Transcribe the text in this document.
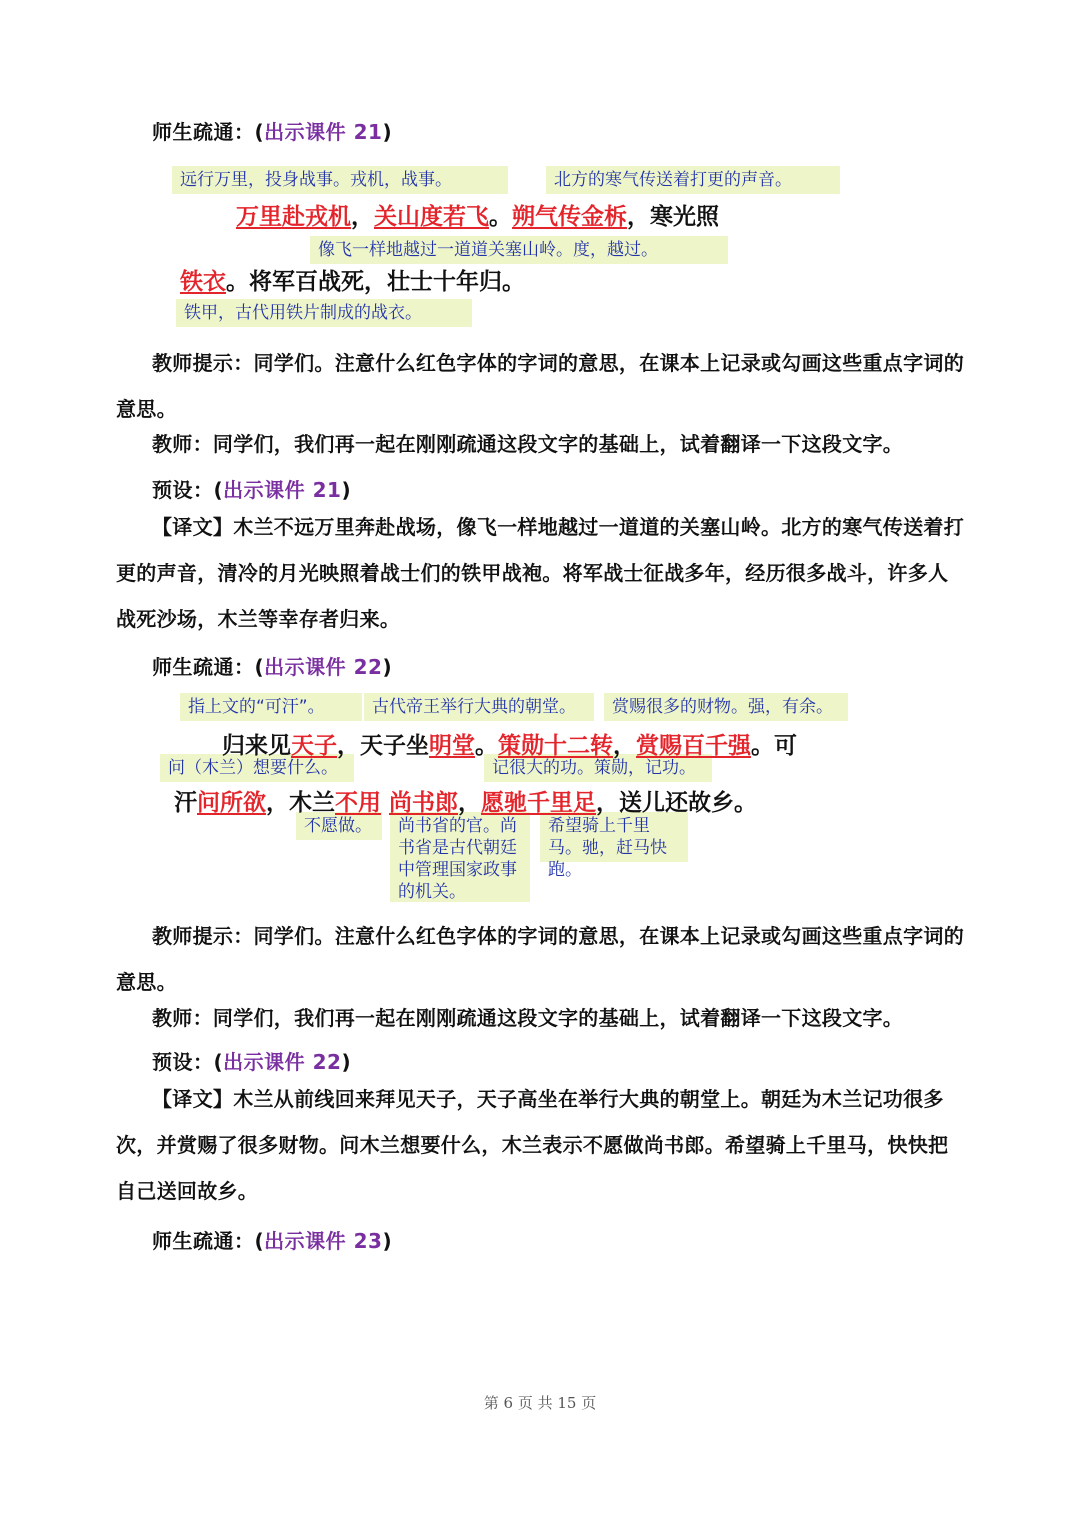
师生疏通：(出示课件 21)
远行万里，投身战事。戎机，战事。	北方的寒气传送着打更的声音。
像飞一样地越过一道道关塞山岭。度，越过。
铁甲，古代用铁片制成的战衣。
万里赴戎机，关山度若飞。朔气传金柝，寒光照
铁衣。将军百战死，壮士十年归。
教师提示：同学们。注意什么红色字体的字词的意思，在课本上记录或勾画这些重点字词的意思。
教师：同学们，我们再一起在刚刚疏通这段文字的基础上，试着翻译一下这段文字。
预设：(出示课件 21)
【译文】木兰不远万里奔赴战场，像飞一样地越过一道道的关塞山岭。北方的寒气传送着打更的声音，清冷的月光映照着战士们的铁甲战袍。将军战士征战多年，经历很多战斗，许多人战死沙场，木兰等幸存者归来。
师生疏通：(出示课件 22)
指上文的“可汗”。	古代帝王举行大典的朝堂。	赏赐很多的财物。强，有余。
问（木兰）想要什么。	记很大的功。策勋，记功。
不愿做。	尚书省的官。尚书省是古代朝廷中管理国家政事的机关。
希望骑上千里马。驰，赶马快跑。
归来见天子，天子坐明堂。策勋十二转，赏赐百千强。可
汗问所欲，木兰不用 尚书郎，愿驰千里足，送儿还故乡。
教师提示：同学们。注意什么红色字体的字词的意思，在课本上记录或勾画这些重点字词的意思。
教师：同学们，我们再一起在刚刚疏通这段文字的基础上，试着翻译一下这段文字。
预设：(出示课件 22)
【译文】木兰从前线回来拜见天子，天子高坐在举行大典的朝堂上。朝廷为木兰记功很多次，并赏赐了很多财物。问木兰想要什么，木兰表示不愿做尚书郎。希望骑上千里马，快快把自己送回故乡。
师生疏通：(出示课件 23)
第 6 页 共 15 页
